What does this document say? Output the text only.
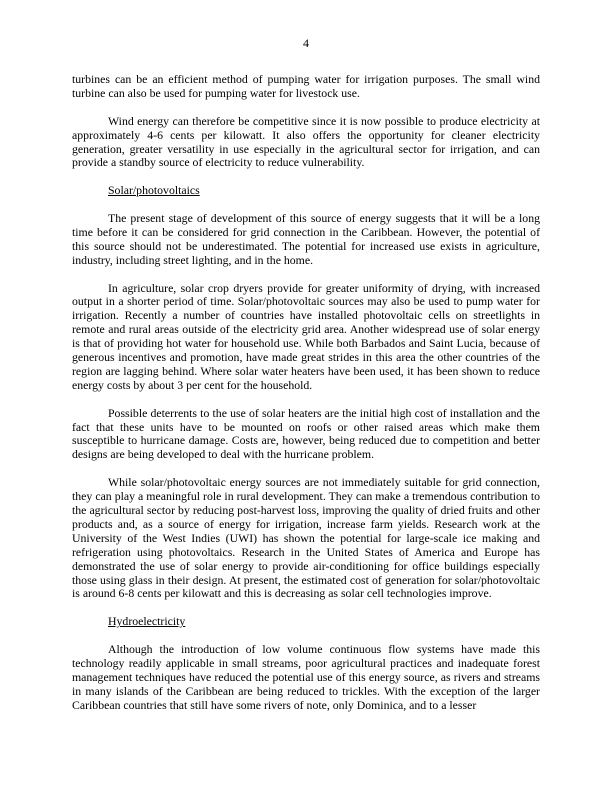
4

turbines can be an efficient method of pumping water for irrigation purposes. The small wind turbine can also be used for pumping water for livestock use.

Wind energy can therefore be competitive since it is now possible to produce electricity at approximately 4-6 cents per kilowatt. It also offers the opportunity for cleaner electricity generation, greater versatility in use especially in the agricultural sector for irrigation, and can provide a standby source of electricity to reduce vulnerability.

Solar/photovoltaics

The present stage of development of this source of energy suggests that it will be a long time before it can be considered for grid connection in the Caribbean. However, the potential of this source should not be underestimated. The potential for increased use exists in agriculture, industry, including street lighting, and in the home.

In agriculture, solar crop dryers provide for greater uniformity of drying, with increased output in a shorter period of time. Solar/photovoltaic sources may also be used to pump water for irrigation. Recently a number of countries have installed photovoltaic cells on streetlights in remote and rural areas outside of the electricity grid area. Another widespread use of solar energy is that of providing hot water for household use. While both Barbados and Saint Lucia, because of generous incentives and promotion, have made great strides in this area the other countries of the region are lagging behind. Where solar water heaters have been used, it has been shown to reduce energy costs by about 3 per cent for the household.

Possible deterrents to the use of solar heaters are the initial high cost of installation and the fact that these units have to be mounted on roofs or other raised areas which make them susceptible to hurricane damage. Costs are, however, being reduced due to competition and better designs are being developed to deal with the hurricane problem.

While solar/photovoltaic energy sources are not immediately suitable for grid connection, they can play a meaningful role in rural development. They can make a tremendous contribution to the agricultural sector by reducing post-harvest loss, improving the quality of dried fruits and other products and, as a source of energy for irrigation, increase farm yields. Research work at the University of the West Indies (UWI) has shown the potential for large-scale ice making and refrigeration using photovoltaics. Research in the United States of America and Europe has demonstrated the use of solar energy to provide air-conditioning for office buildings especially those using glass in their design. At present, the estimated cost of generation for solar/photovoltaic is around 6-8 cents per kilowatt and this is decreasing as solar cell technologies improve.

Hydroelectricity

Although the introduction of low volume continuous flow systems have made this technology readily applicable in small streams, poor agricultural practices and inadequate forest management techniques have reduced the potential use of this energy source, as rivers and streams in many islands of the Caribbean are being reduced to trickles. With the exception of the larger Caribbean countries that still have some rivers of note, only Dominica, and to a lesser
